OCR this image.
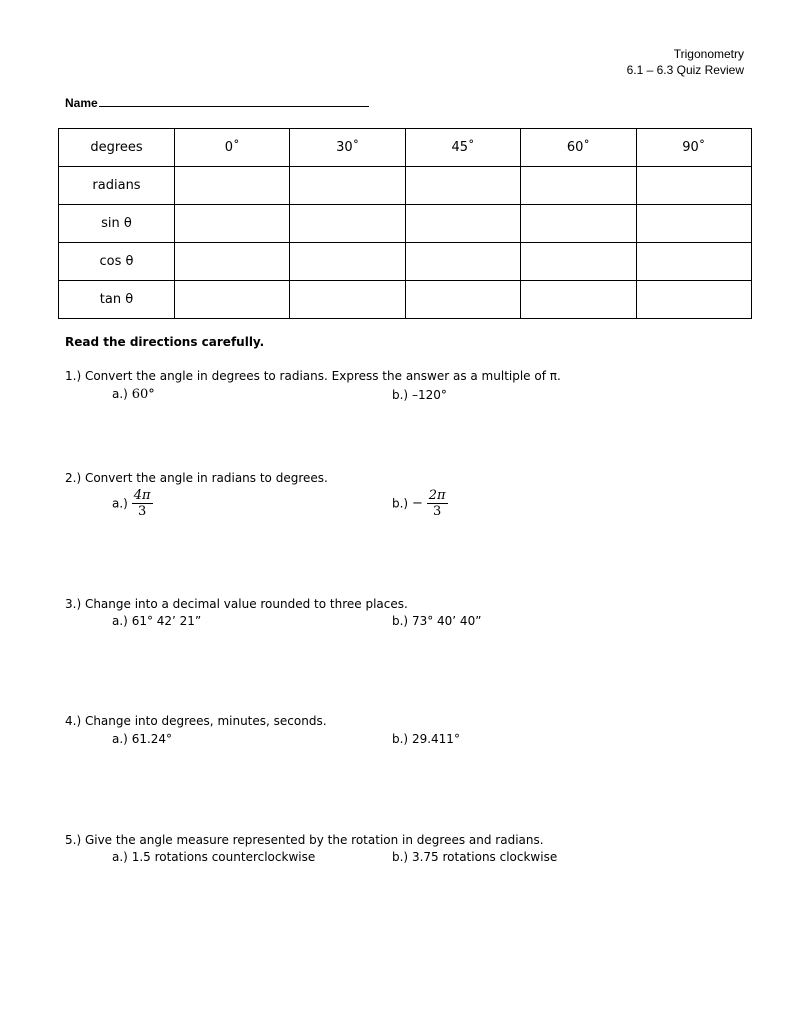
Trigonometry
6.1 – 6.3 Quiz Review
Name
degrees	0˚	30˚	45˚	60˚	90˚
radians					
sin θ					
cos θ					
tan θ					
Read the directions carefully.
1.) Convert the angle in degrees to radians. Express the answer as a multiple of π.
a.) 60°	b.) –120°
2.) Convert the angle in radians to degrees.
$a.) \frac{4\pi}{3}$	$b.) - \frac{2\pi}{3}$
3.) Change into a decimal value rounded to three places.
a.) 61° 42’ 21”	b.) 73° 40’ 40”
4.) Change into degrees, minutes, seconds.
a.) 61.24°	b.) 29.411°
5.) Give the angle measure represented by the rotation in degrees and radians.
a.) 1.5 rotations counterclockwise	b.) 3.75 rotations clockwise
